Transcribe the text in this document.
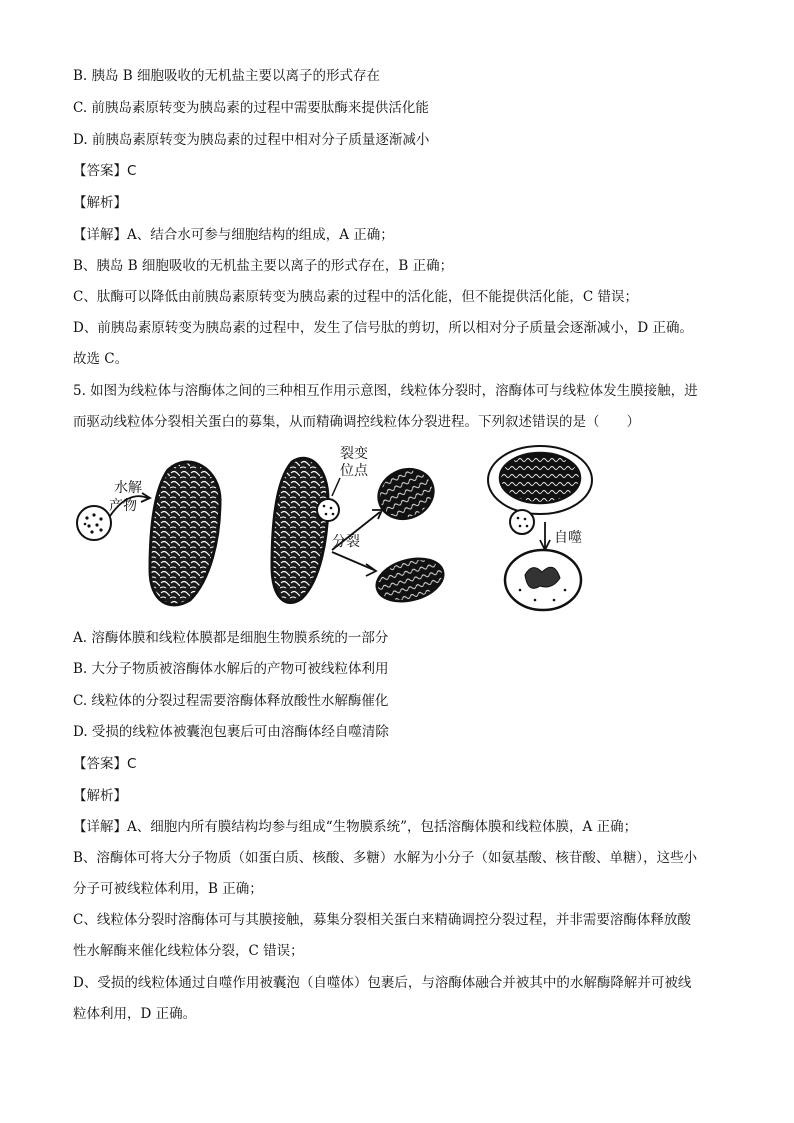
B. 胰岛 B 细胞吸收的无机盐主要以离子的形式存在
C. 前胰岛素原转变为胰岛素的过程中需要肽酶来提供活化能
D. 前胰岛素原转变为胰岛素的过程中相对分子质量逐渐减小
【答案】C
【解析】
【详解】A、结合水可参与细胞结构的组成，A 正确；
B、胰岛 B 细胞吸收的无机盐主要以离子的形式存在，B 正确；
C、肽酶可以降低由前胰岛素原转变为胰岛素的过程中的活化能，但不能提供活化能，C 错误；
D、前胰岛素原转变为胰岛素的过程中，发生了信号肽的剪切，所以相对分子质量会逐渐减小，D 正确。
故选 C。
5. 如图为线粒体与溶酶体之间的三种相互作用示意图，线粒体分裂时，溶酶体可与线粒体发生膜接触，进
而驱动线粒体分裂相关蛋白的募集，从而精确调控线粒体分裂进程。下列叙述错误的是（　　）
水解
产物
裂变
位点
分裂	自噬
A. 溶酶体膜和线粒体膜都是细胞生物膜系统的一部分
B. 大分子物质被溶酶体水解后的产物可被线粒体利用
C. 线粒体的分裂过程需要溶酶体释放酸性水解酶催化
D. 受损的线粒体被囊泡包裹后可由溶酶体经自噬清除
【答案】C
【解析】
【详解】A、细胞内所有膜结构均参与组成“生物膜系统”，包括溶酶体膜和线粒体膜，A 正确；
B、溶酶体可将大分子物质（如蛋白质、核酸、多糖）水解为小分子（如氨基酸、核苷酸、单糖），这些小
分子可被线粒体利用，B 正确；
C、线粒体分裂时溶酶体可与其膜接触，募集分裂相关蛋白来精确调控分裂过程，并非需要溶酶体释放酸
性水解酶来催化线粒体分裂，C 错误；
D、受损的线粒体通过自噬作用被囊泡（自噬体）包裹后，与溶酶体融合并被其中的水解酶降解并可被线
粒体利用，D 正确。
